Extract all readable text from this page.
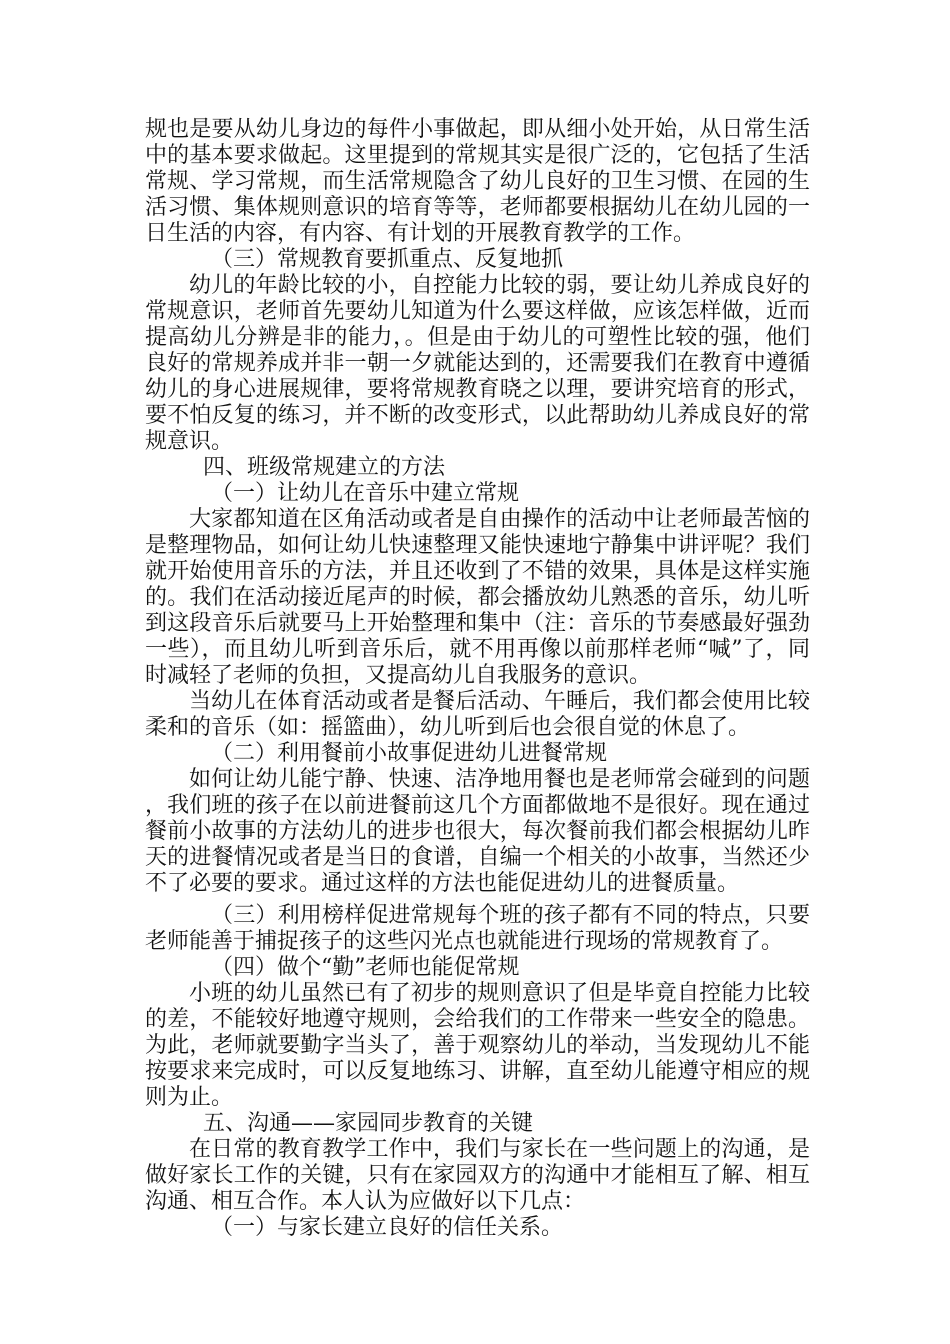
规也是要从幼儿身边的每件小事做起，即从细小处开始，从日常生活中的基本要求做起。这里提到的常规其实是很广泛的，它包括了生活常规、学习常规，而生活常规隐含了幼儿良好的卫生习惯、在园的生活习惯、集体规则意识的培育等等，老师都要根据幼儿在幼儿园的一日生活的内容，有内容、有计划的开展教育教学的工作。

（三）常规教育要抓重点、反复地抓

幼儿的年龄比较的小，自控能力比较的弱，要让幼儿养成良好的常规意识，老师首先要幼儿知道为什么要这样做，应该怎样做，近而提高幼儿分辨是非的能力，。但是由于幼儿的可塑性比较的强，他们良好的常规养成并非一朝一夕就能达到的，还需要我们在教育中遵循幼儿的身心进展规律，要将常规教育晓之以理，要讲究培育的形式，要不怕反复的练习，并不断的改变形式，以此帮助幼儿养成良好的常规意识。

四、班级常规建立的方法

（一）让幼儿在音乐中建立常规

大家都知道在区角活动或者是自由操作的活动中让老师最苦恼的是整理物品，如何让幼儿快速整理又能快速地宁静集中讲评呢？我们就开始使用音乐的方法，并且还收到了不错的效果，具体是这样实施的。我们在活动接近尾声的时候，都会播放幼儿熟悉的音乐，幼儿听到这段音乐后就要马上开始整理和集中（注：音乐的节奏感最好强劲一些），而且幼儿听到音乐后，就不用再像以前那样老师“喊”了，同时减轻了老师的负担，又提高幼儿自我服务的意识。

当幼儿在体育活动或者是餐后活动、午睡后，我们都会使用比较柔和的音乐（如：摇篮曲），幼儿听到后也会很自觉的休息了。

（二）利用餐前小故事促进幼儿进餐常规

如何让幼儿能宁静、快速、洁净地用餐也是老师常会碰到的问题，我们班的孩子在以前进餐前这几个方面都做地不是很好。现在通过餐前小故事的方法幼儿的进步也很大，每次餐前我们都会根据幼儿昨天的进餐情况或者是当日的食谱，自编一个相关的小故事，当然还少不了必要的要求。通过这样的方法也能促进幼儿的进餐质量。

（三）利用榜样促进常规每个班的孩子都有不同的特点，只要老师能善于捕捉孩子的这些闪光点也就能进行现场的常规教育了。

（四）做个“勤”老师也能促常规

小班的幼儿虽然已有了初步的规则意识了但是毕竟自控能力比较的差，不能较好地遵守规则，会给我们的工作带来一些安全的隐患。为此，老师就要勤字当头了，善于观察幼儿的举动，当发现幼儿不能按要求来完成时，可以反复地练习、讲解，直至幼儿能遵守相应的规则为止。

五、沟通——家园同步教育的关键

在日常的教育教学工作中，我们与家长在一些问题上的沟通，是做好家长工作的关键，只有在家园双方的沟通中才能相互了解、相互沟通、相互合作。本人认为应做好以下几点：

（一）与家长建立良好的信任关系。
